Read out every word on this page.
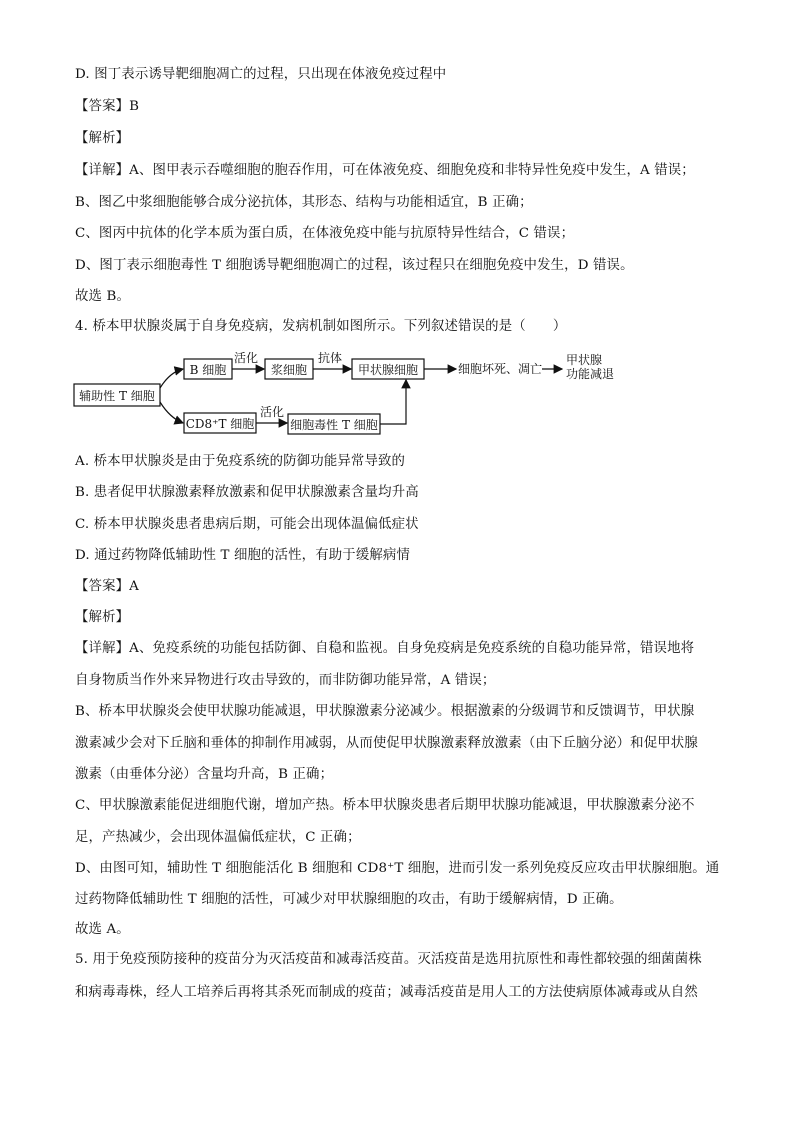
D. 图丁表示诱导靶细胞凋亡的过程，只出现在体液免疫过程中
【答案】B
【解析】
【详解】A、图甲表示吞噬细胞的胞吞作用，可在体液免疫、细胞免疫和非特异性免疫中发生，A 错误；
B、图乙中浆细胞能够合成分泌抗体，其形态、结构与功能相适宜，B 正确；
C、图丙中抗体的化学本质为蛋白质，在体液免疫中能与抗原特异性结合，C 错误；
D、图丁表示细胞毒性 T 细胞诱导靶细胞凋亡的过程，该过程只在细胞免疫中发生，D 错误。
故选 B。
4. 桥本甲状腺炎属于自身免疫病，发病机制如图所示。下列叙述错误的是（　　）
辅助性 T 细胞
B 细胞	浆细胞	甲状腺细胞
CD8⁺T 细胞	细胞毒性 T 细胞
活化	抗体
活化
细胞坏死、凋亡
甲状腺
功能减退
A. 桥本甲状腺炎是由于免疫系统的防御功能异常导致的
B. 患者促甲状腺激素释放激素和促甲状腺激素含量均升高
C. 桥本甲状腺炎患者患病后期，可能会出现体温偏低症状
D. 通过药物降低辅助性 T 细胞的活性，有助于缓解病情
【答案】A
【解析】
【详解】A、免疫系统的功能包括防御、自稳和监视。自身免疫病是免疫系统的自稳功能异常，错误地将
自身物质当作外来异物进行攻击导致的，而非防御功能异常，A 错误；
B、桥本甲状腺炎会使甲状腺功能减退，甲状腺激素分泌减少。根据激素的分级调节和反馈调节，甲状腺
激素减少会对下丘脑和垂体的抑制作用减弱，从而使促甲状腺激素释放激素（由下丘脑分泌）和促甲状腺
激素（由垂体分泌）含量均升高，B 正确；
C、甲状腺激素能促进细胞代谢，增加产热。桥本甲状腺炎患者后期甲状腺功能减退，甲状腺激素分泌不
足，产热减少，会出现体温偏低症状，C 正确；
D、由图可知，辅助性 T 细胞能活化 B 细胞和 CD8⁺T 细胞，进而引发一系列免疫反应攻击甲状腺细胞。通
过药物降低辅助性 T 细胞的活性，可减少对甲状腺细胞的攻击，有助于缓解病情，D 正确。
故选 A。
5. 用于免疫预防接种的疫苗分为灭活疫苗和减毒活疫苗。灭活疫苗是选用抗原性和毒性都较强的细菌菌株
和病毒毒株，经人工培养后再将其杀死而制成的疫苗；减毒活疫苗是用人工的方法使病原体减毒或从自然
